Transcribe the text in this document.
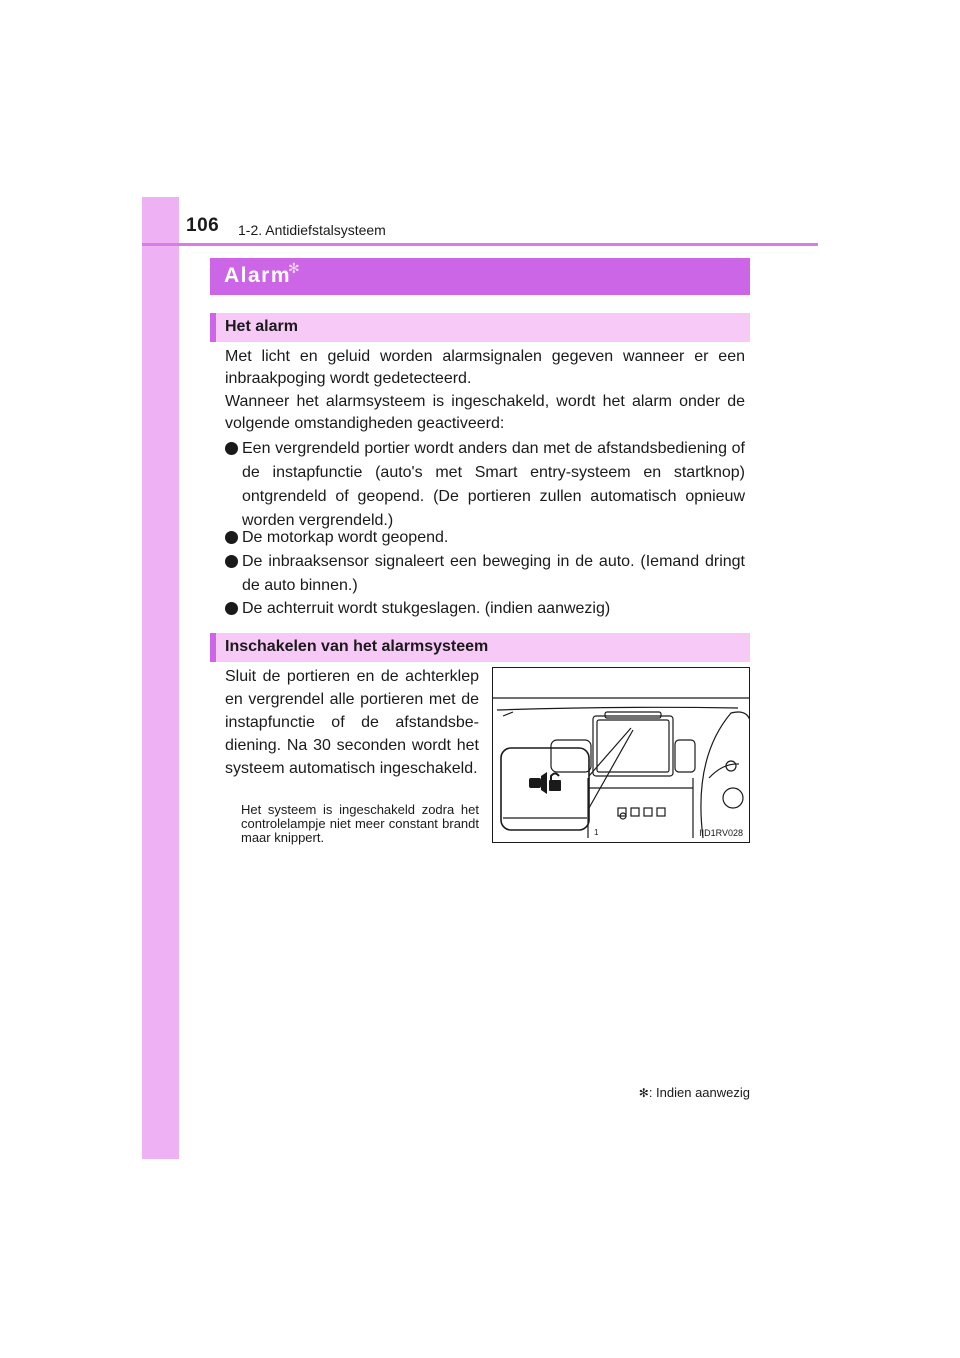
106 1-2. Antidiefstalsysteem
Alarm
✻
Het alarm
Met licht en geluid worden alarmsignalen gegeven wanneer er een inbraakpoging wordt gedetecteerd.
Wanneer het alarmsysteem is ingeschakeld, wordt het alarm onder de volgende omstandigheden geactiveerd:
Een vergrendeld portier wordt anders dan met de afstandsbediening of de instapfunctie (auto's met Smart entry-systeem en startknop) ontgrendeld of geopend. (De portieren zullen automatisch opnieuw worden vergrendeld.)
De motorkap wordt geopend.
De inbraaksensor signaleert een beweging in de auto. (Iemand dringt de auto binnen.)
De achterruit wordt stukgeslagen. (indien aanwezig)
Inschakelen van het alarmsysteem
Sluit de portieren en de achterklep en vergrendel alle portieren met de instapfunctie of de afstandsbediening. Na 30 seconden wordt het systeem automatisch ingeschakeld.
Het systeem is ingeschakeld zodra het controlelampje niet meer constant brandt maar knippert.	1	IID1RV028
✻: Indien aanwezig
